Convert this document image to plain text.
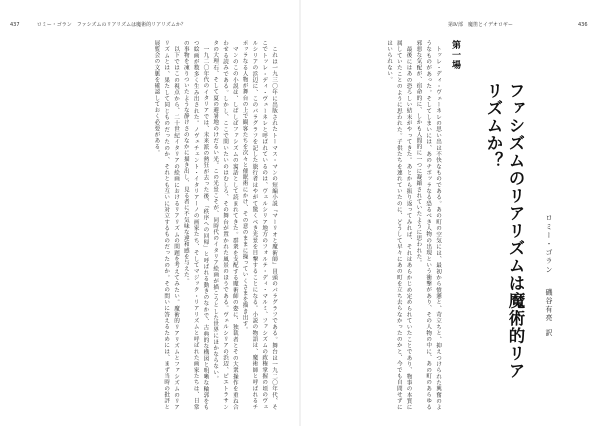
437	ロミー・ゴラン　ファシズムのリアリズムは魔術的リアリズムか？

これは一九三〇年に出版されたトーマス・マンの短編小説『マーリオと魔術師』冒頭のパラグラフである。舞台は一九二〇年代、そこでトッレ・ディ・ヴェーネレと呼ばれているのは、ヴェルシリア地方のフォルテ・ディ・マルミ、ファシズムの政権掌握の頃のヴェルシリアの浜辺に、このパラグラフを記した旅行者はやがて驚くべき光景を目撃することになる。小説の物語は、魔術師と呼ばれるチポッラなる人物が舞台の上で観客たちを次々と催眠術にかけ、その意のままに操っていくさまを描き出す。

マンのこの小説は、しばしばファシズムの寓話として読まれてきた。群衆を支配する魔術師の姿に、独裁者とその大衆操作を重ね合わせる読みである。しかし、ここで問いたいのはむしろ、その舞台が置かれた風景のほうである。ヴェルシリアの浜辺、ピエトラサンタの大理石、そして夏の避暑地のけだるい光。この光景こそが、同時代のイタリア絵画が描こうとした世界にほかならない。

一九二〇年代のイタリアでは、未来派の熱狂が去った後、「秩序への回帰」と呼ばれる動きのなかで、古典的な構図と明晰な輪郭をもつ絵画が数多く生み出された。ノヴェチェント・イタリアーノの画家たち、そしてマジック・リアリズムと呼ばれた画家たちは、日常の事物を凍りついたような静けさのなかに描き出し、見る者に不気味な違和感を与えた。

以下ではこの視点から、二十世紀イタリアの絵画におけるリアリズムの問題を考えてみたい。魔術的リアリズムとファシズムのリアリズムとは、果たして同じものだったのか、それとも互いに対立するものだったのか。その問いに答えるためには、まず当時の批評と展覧会の文脈を確認しておく必要がある。

第Ⅳ部　魔笛とイデオロギー	436

トッレ・ディ・ヴェーネレの思い出は不快なものである。あの町の空気には、最初から憤懣と、苛立ちと、抑えつけられた興奮のようなものがあった。そしてしまいには、あのチポッラなる恐るべき人物の出現という衝撃があり、その人物の中に、あの町のあらゆる邪悪な気配が、宿命的に、しかも人間的に一つに凝縮されていたように思われた。

最後にはあの恐ろしい結末がやってきた。あとから振り返ってみれば、それはあらかじめ定められていたことであり、物事の本質に属していたことのように思われた。子供たちを連れていたのに、どうして早々にあの町を立ち去らなかったのかと、今でも自問せずにはいられない。	第一場
ファシズムのリアリズムは魔術的リアリズムか？
ロミー・ゴラン磯谷有亮訳
